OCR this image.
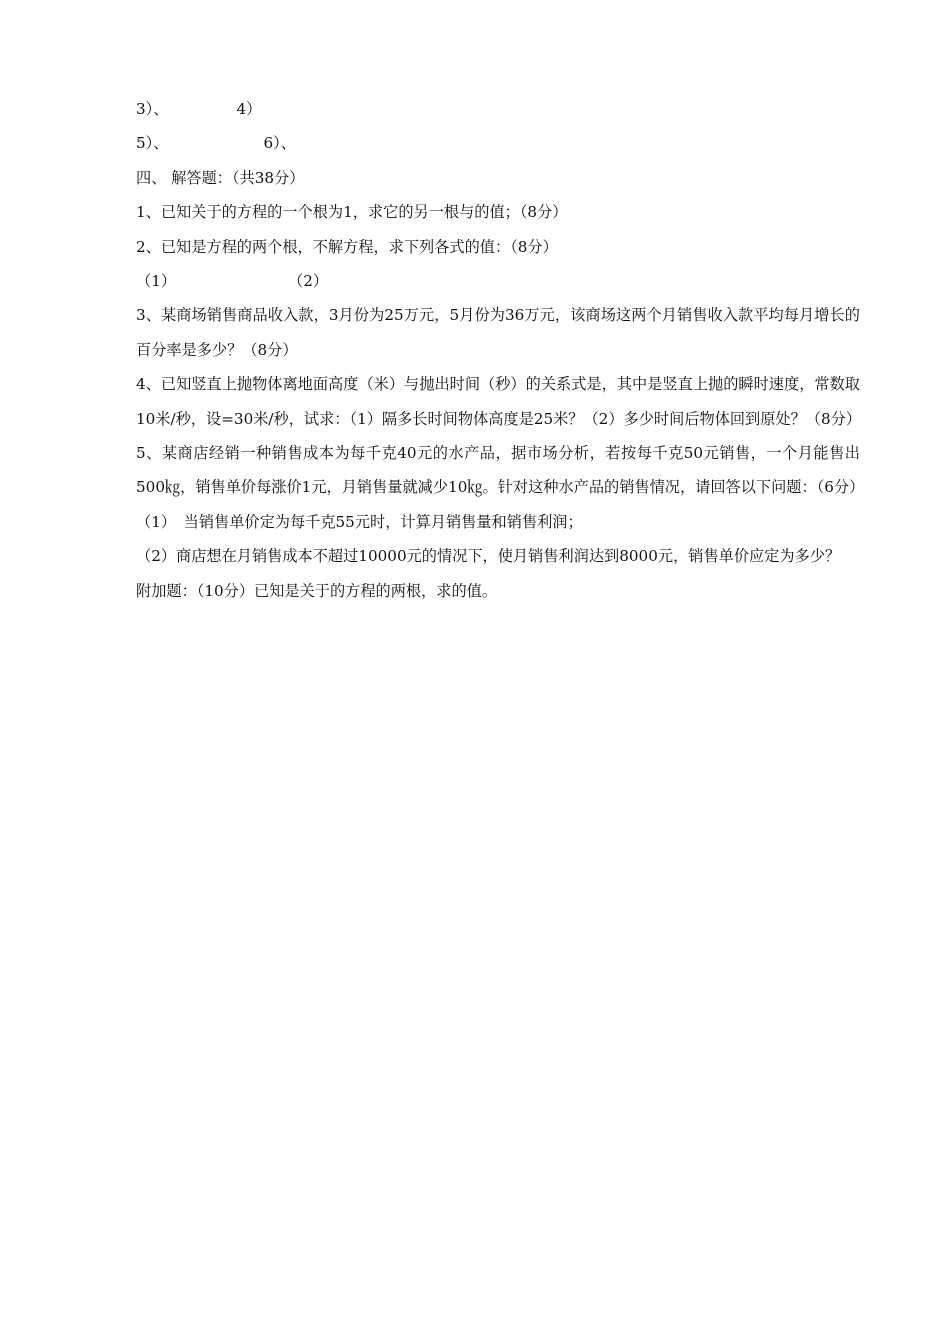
3）、	4）
5）、	6）、
四、 解答题：（共38分）
1、已知关于的方程的一个根为1，求它的另一根与的值；（8分）
2、已知是方程的两个根，不解方程，求下列各式的值：（8分）
（1）	（2）
3、某商场销售商品收入款，3月份为25万元，5月份为36万元，该商场这两个月销售收入款平均每月增长的百分率是多少？（8分）
4、已知竖直上抛物体离地面高度（米）与抛出时间（秒）的关系式是，其中是竖直上抛的瞬时速度，常数取10米/秒，设=30米/秒，试求：（1）隔多长时间物体高度是25米？（2）多少时间后物体回到原处？（8分）
5、某商店经销一种销售成本为每千克40元的水产品，据市场分析，若按每千克50元销售，一个月能售出500㎏，销售单价每涨价1元，月销售量就减少10㎏。针对这种水产品的销售情况，请回答以下问题：（6分）
（1）　当销售单价定为每千克55元时，计算月销售量和销售利润；
（2）商店想在月销售成本不超过10000元的情况下，使月销售利润达到8000元，销售单价应定为多少？
附加题：（10分）已知是关于的方程的两根，求的值。
